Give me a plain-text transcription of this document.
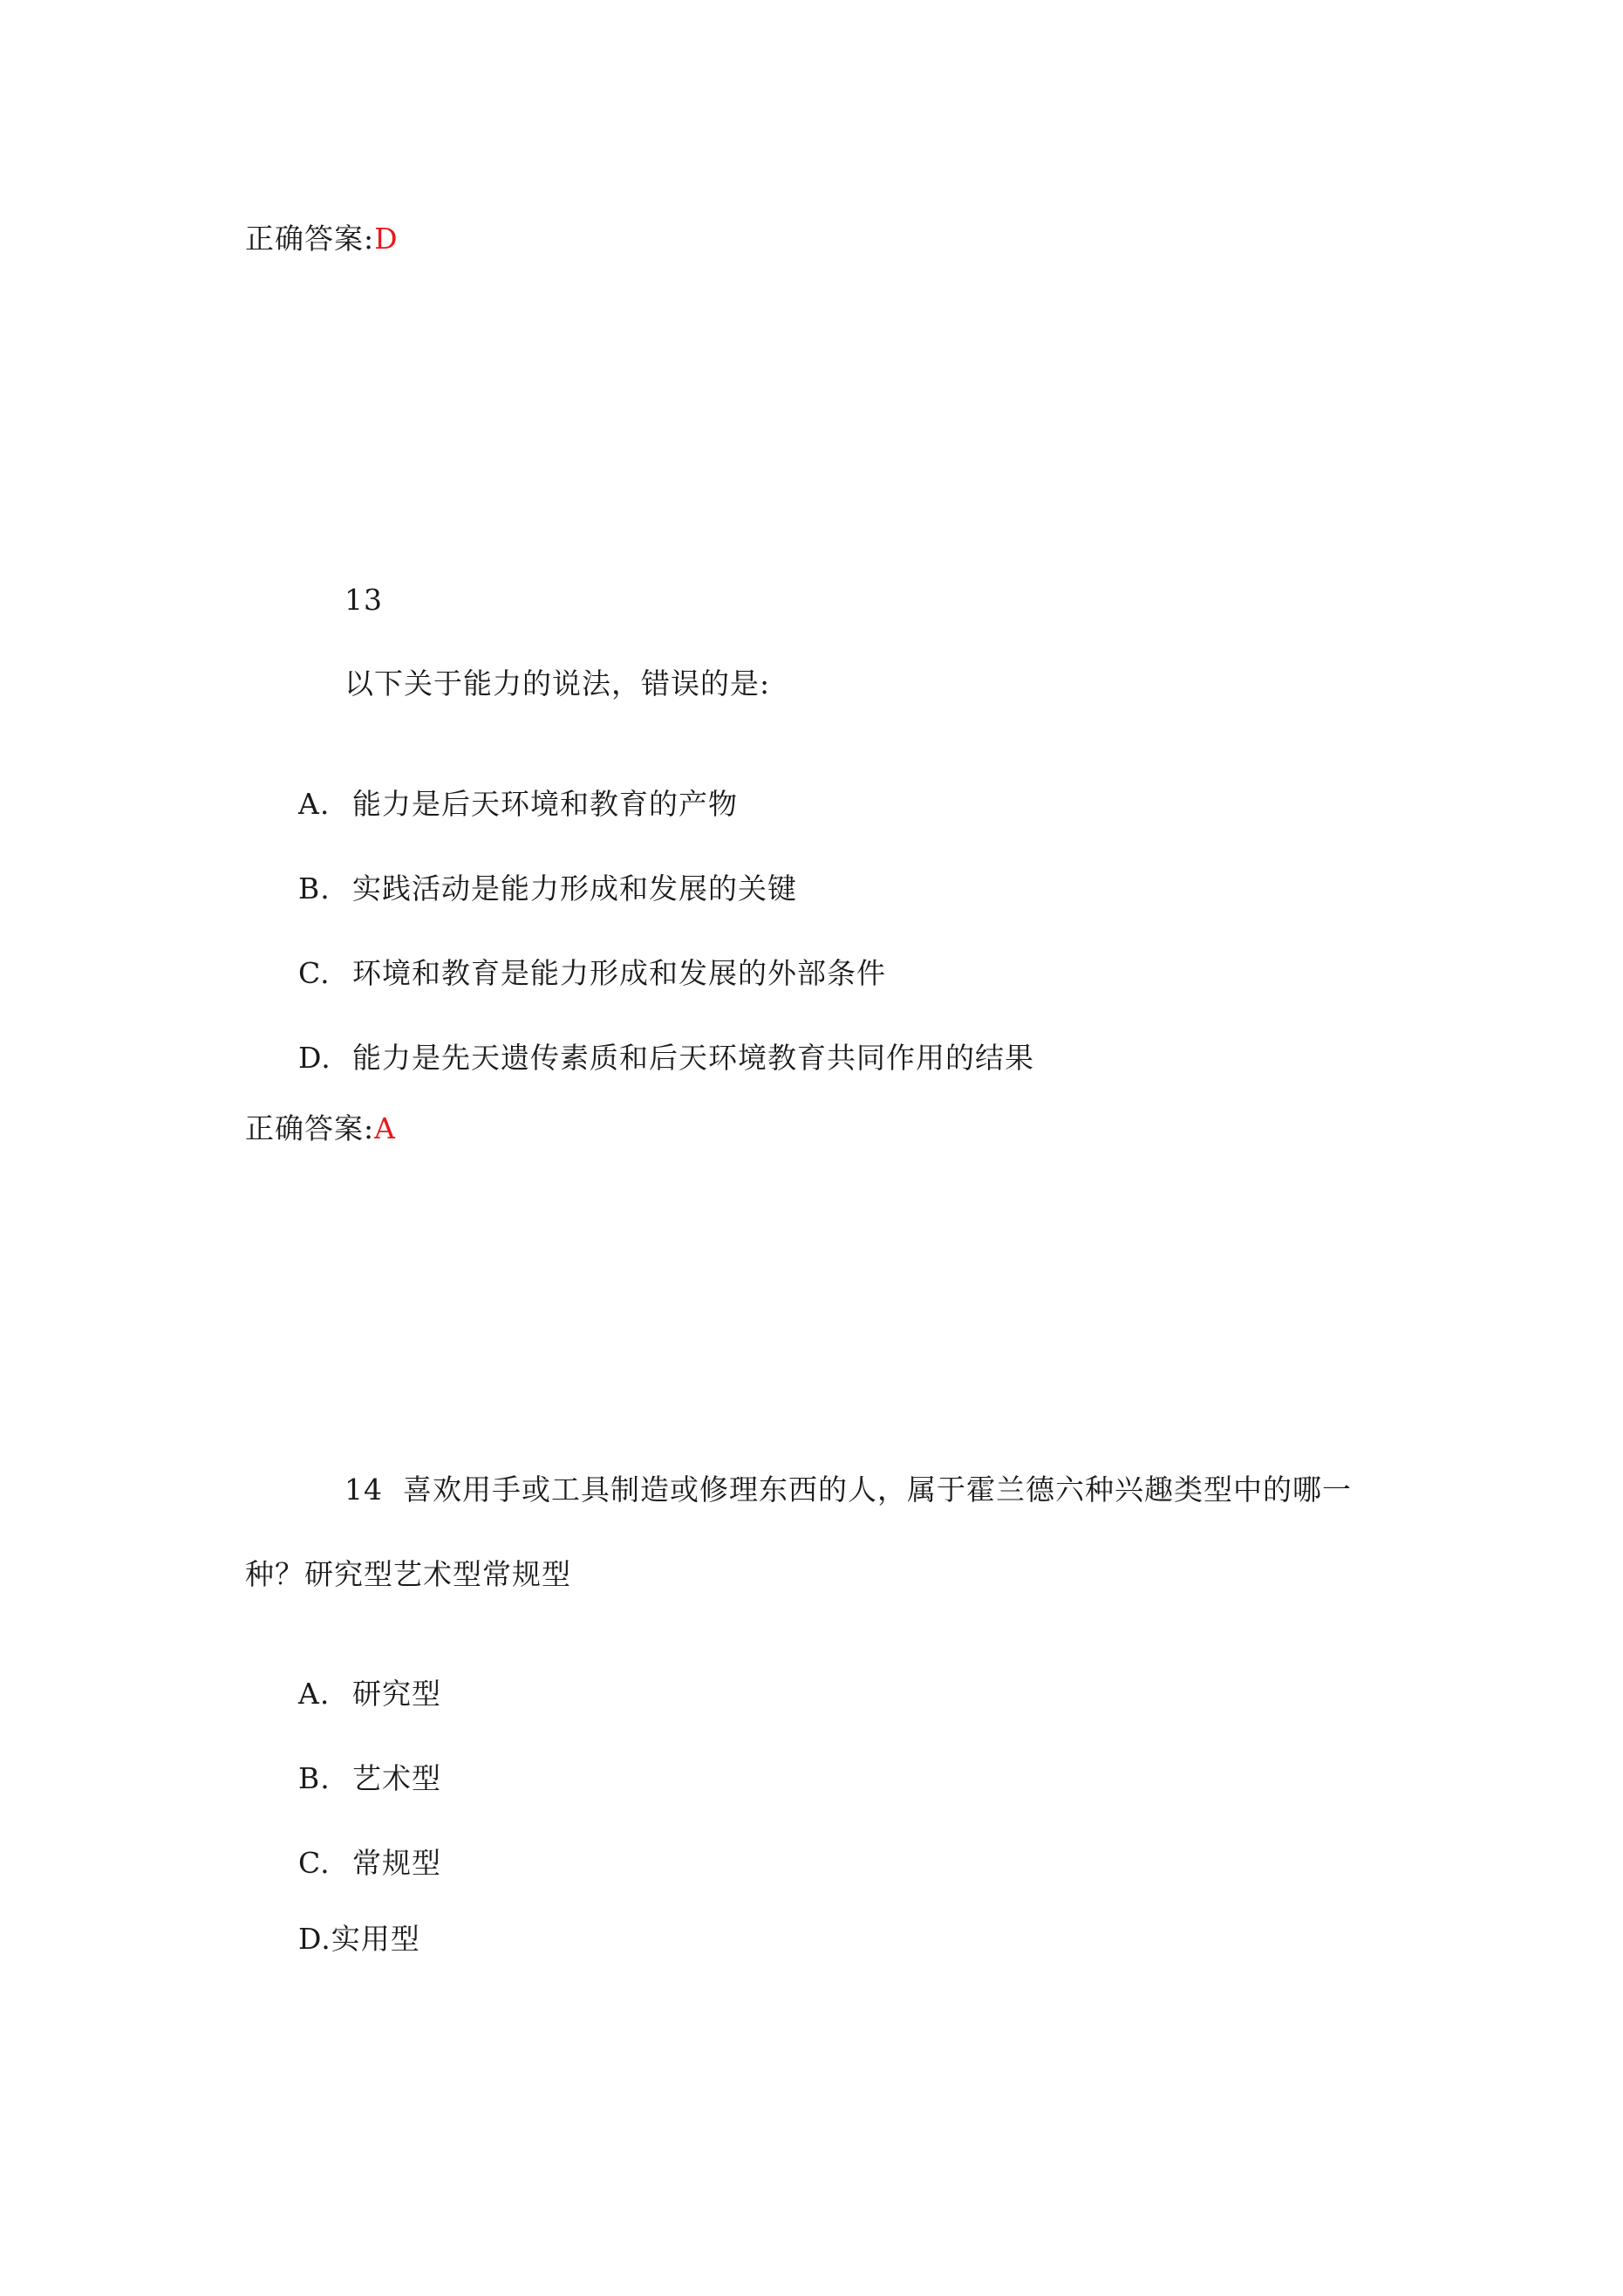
正确答案:D
13
以下关于能力的说法，错误的是:
A. 能力是后天环境和教育的产物
B. 实践活动是能力形成和发展的关键
C. 环境和教育是能力形成和发展的外部条件
D. 能力是先天遗传素质和后天环境教育共同作用的结果
正确答案:A
14 喜欢用手或工具制造或修理东西的人，属于霍兰德六种兴趣类型中的哪一
种？研究型艺术型常规型
A. 研究型
B. 艺术型
C. 常规型
D.实用型
